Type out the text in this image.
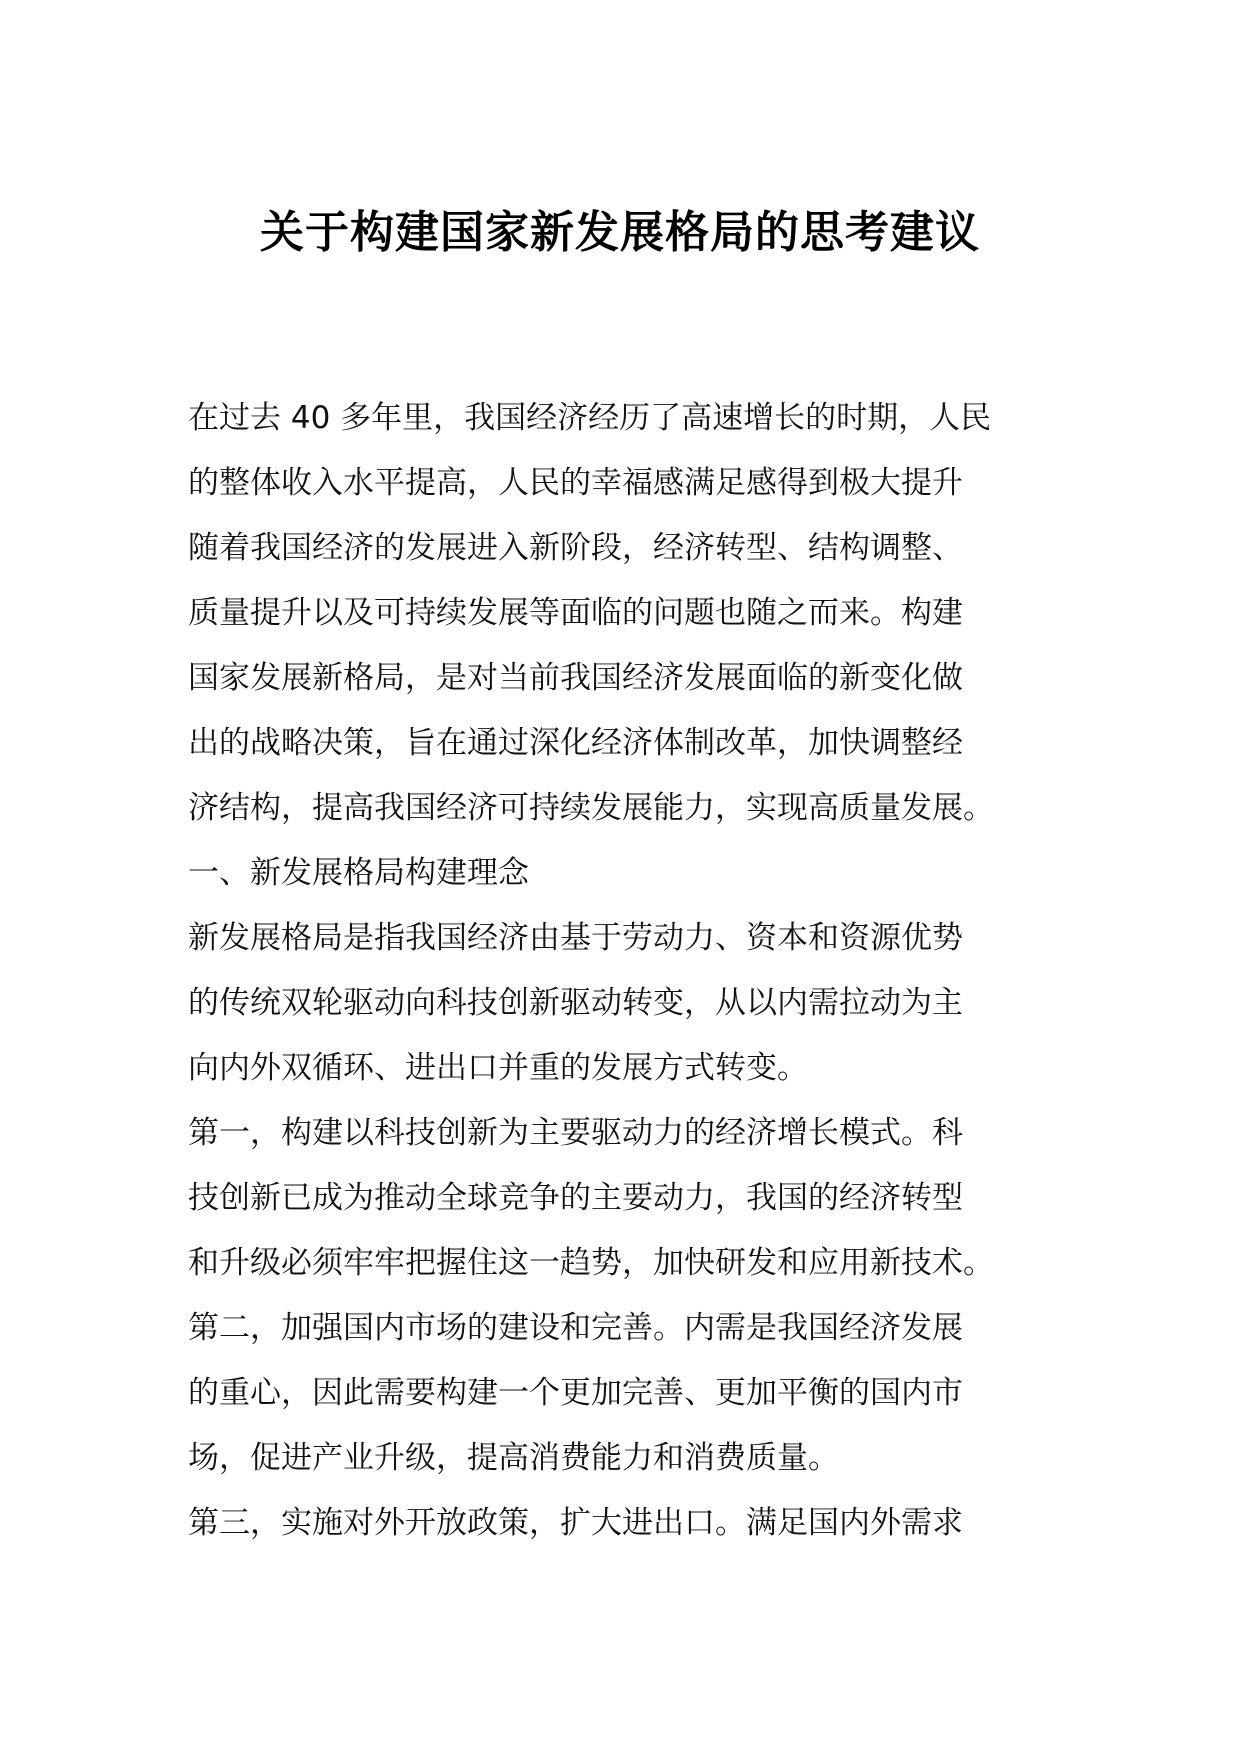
关于构建国家新发展格局的思考建议
在过去 40 多年里，我国经济经历了高速增长的时期，人民
的整体收入水平提高，人民的幸福感满足感得到极大提升
随着我国经济的发展进入新阶段，经济转型、结构调整、
质量提升以及可持续发展等面临的问题也随之而来。构建
国家发展新格局，是对当前我国经济发展面临的新变化做
出的战略决策，旨在通过深化经济体制改革，加快调整经
济结构，提高我国经济可持续发展能力，实现高质量发展。
一、新发展格局构建理念
新发展格局是指我国经济由基于劳动力、资本和资源优势
的传统双轮驱动向科技创新驱动转变，从以内需拉动为主
向内外双循环、进出口并重的发展方式转变。
第一，构建以科技创新为主要驱动力的经济增长模式。科
技创新已成为推动全球竞争的主要动力，我国的经济转型
和升级必须牢牢把握住这一趋势，加快研发和应用新技术。
第二，加强国内市场的建设和完善。内需是我国经济发展
的重心，因此需要构建一个更加完善、更加平衡的国内市
场，促进产业升级，提高消费能力和消费质量。
第三，实施对外开放政策，扩大进出口。满足国内外需求
